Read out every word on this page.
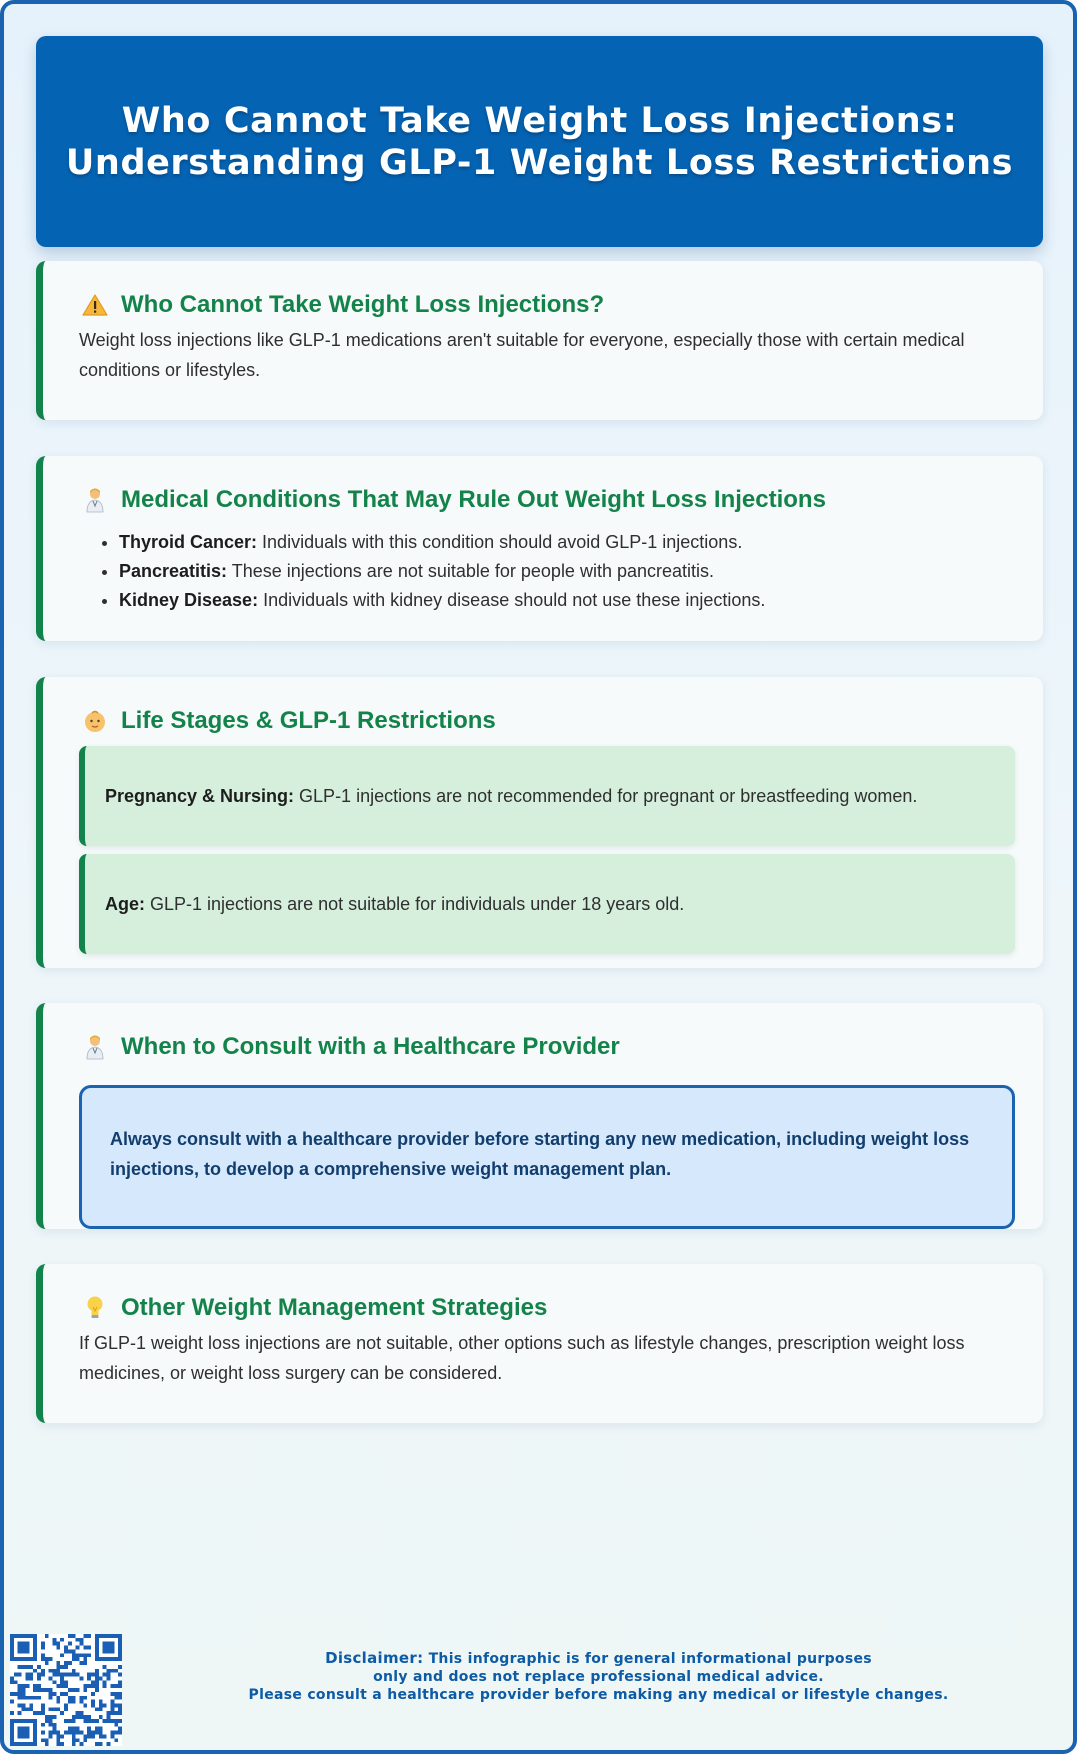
Who Cannot Take Weight Loss Injections:
Understanding GLP-1 Weight Loss Restrictions
Who Cannot Take Weight Loss Injections?

Weight loss injections like GLP-1 medications aren't suitable for everyone, especially those with certain medical conditions or lifestyles.

Medical Conditions That May Rule Out Weight Loss Injections
• Thyroid Cancer: Individuals with this condition should avoid GLP-1 injections.
• Pancreatitis: These injections are not suitable for people with pancreatitis.
• Kidney Disease: Individuals with kidney disease should not use these injections.
Life Stages & GLP-1 Restrictions
Pregnancy & Nursing: GLP-1 injections are not recommended for pregnant or breastfeeding women.
Age: GLP-1 injections are not suitable for individuals under 18 years old.
When to Consult with a Healthcare Provider
Always consult with a healthcare provider before starting any new medication, including weight loss injections, to develop a comprehensive weight management plan.
Other Weight Management Strategies

If GLP-1 weight loss injections are not suitable, other options such as lifestyle changes, prescription weight loss medicines, or weight loss surgery can be considered.

Disclaimer: This infographic is for general informational purposes
only and does not replace professional medical advice.
Please consult a healthcare provider before making any medical or lifestyle changes.
